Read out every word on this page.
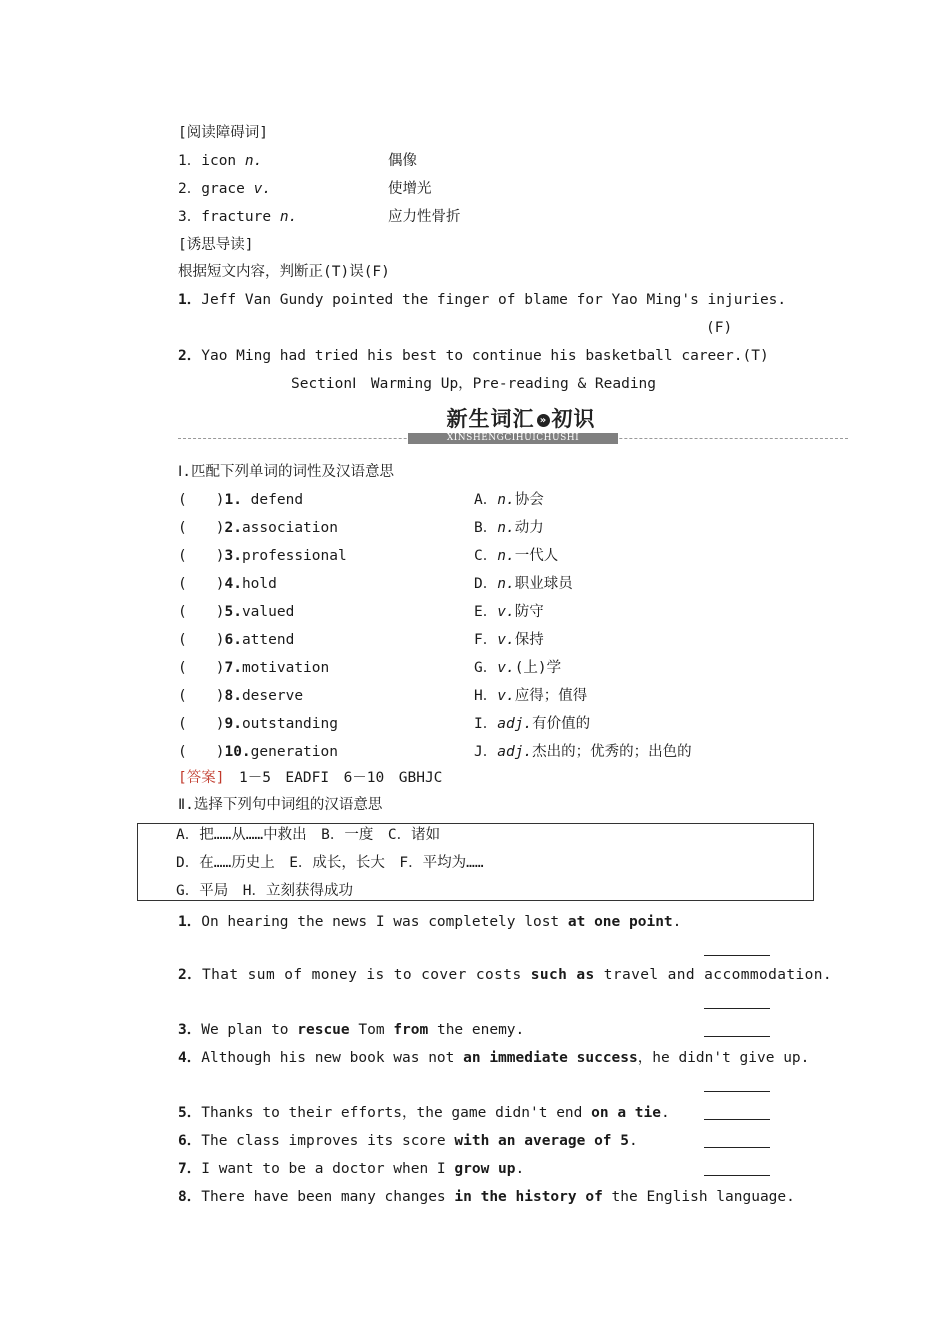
[阅读障碍词]
1．icon n.	偶像
2．grace v.	使增光
3．fracture n.	应力性骨折
[诱思导读]
根据短文内容，判断正(T)误(F)
1．Jeff Van Gundy pointed the finger of blame for Yao Ming's injuries.
(F)
2．Yao Ming had tried his best to continue his basketball career.(T)
SectionⅠ　Warming Up，Pre-reading & Reading
XINSHENGCIHUICHUSHI
新生词汇 » 初识
Ⅰ.匹配下列单词的词性及汉语意思
(　　)1. defend	A．n.协会
(　　)2.association	B．n.动力
(　　)3.professional	C．n.一代人
(　　)4.hold	D．n.职业球员
(　　)5.valued	E．v.防守
(　　)6.attend	F．v.保持
(　　)7.motivation	G．v.(上)学
(　　)8.deserve	H．v.应得；值得
(　　)9.outstanding	I．adj.有价值的
(　　)10.generation	J．adj.杰出的；优秀的；出色的
[答案]　 1－5　EADFI　6－10　GBHJC
Ⅱ.选择下列句中词组的汉语意思
A．把……从……中救出　B．一度　C．诸如
D．在……历史上　E．成长，长大　F．平均为……
G．平局　H．立刻获得成功
1．On hearing the news I was completely lost at one point.
2．That sum of money is to cover costs such as travel and accommodation.
3．We plan to rescue Tom from the enemy.
4．Although his new book was not an immediate success，he didn't give up.
5．Thanks to their efforts，the game didn't end on a tie.
6．The class improves its score with an average of 5.
7．I want to be a doctor when I grow up.
8．There have been many changes in the history of the English language.
